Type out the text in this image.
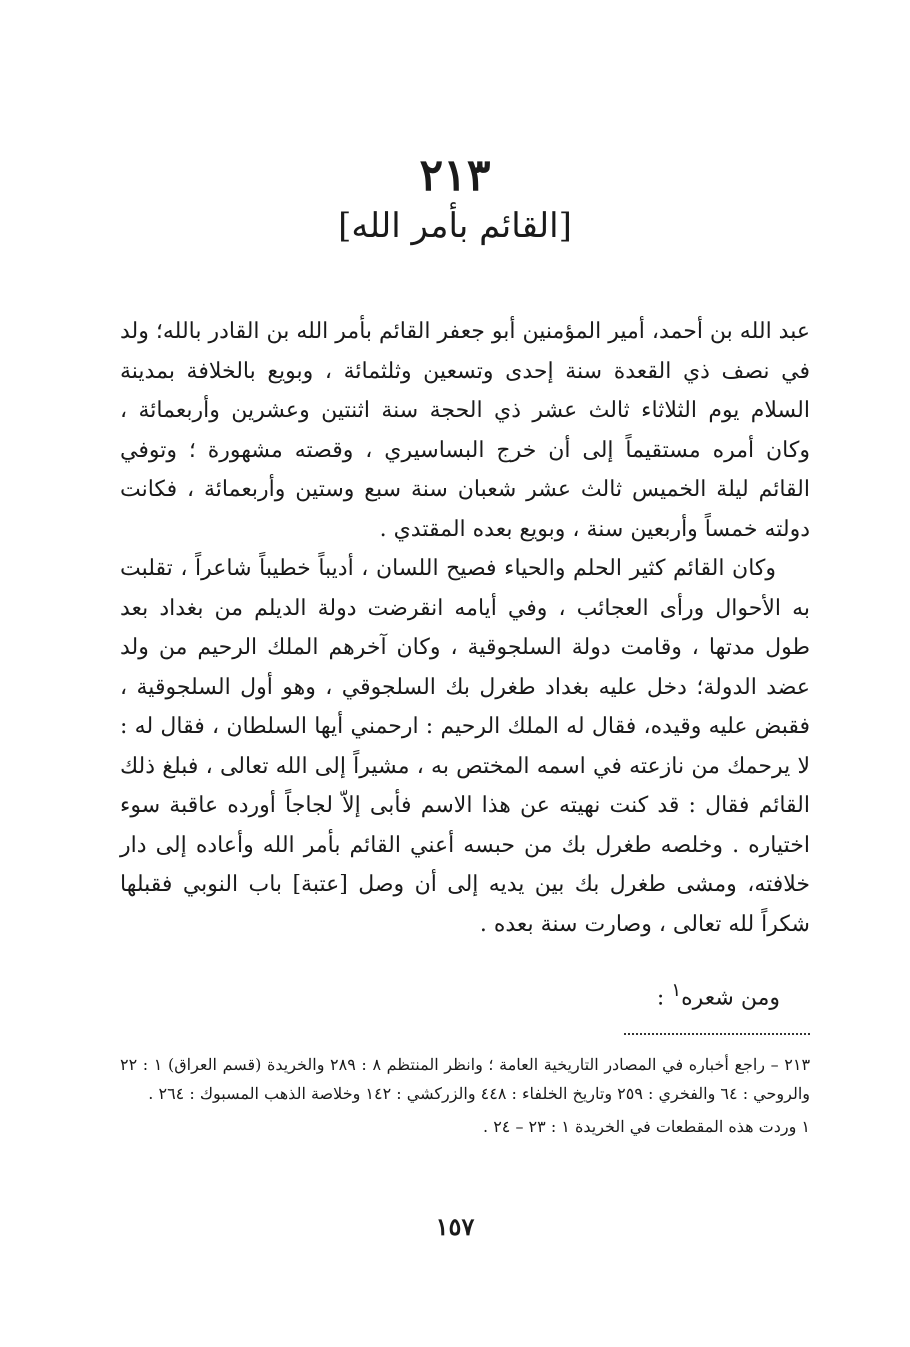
٢١٣
[القائم بأمر الله]

عبد الله بن أحمد، أمير المؤمنين أبو جعفر القائم بأمر الله بن القادر بالله؛ ولد في نصف ذي القعدة سنة إحدى وتسعين وثلثمائة ، وبويع بالخلافة بمدينة السلام يوم الثلاثاء ثالث عشر ذي الحجة سنة اثنتين وعشرين وأربعمائة ، وكان أمره مستقيماً إلى أن خرج البساسيري ، وقصته مشهورة ؛ وتوفي القائم ليلة الخميس ثالث عشر شعبان سنة سبع وستين وأربعمائة ، فكانت دولته خمساً وأربعين سنة ، وبويع بعده المقتدي .

وكان القائم كثير الحلم والحياء فصيح اللسان ، أديباً خطيباً شاعراً ، تقلبت به الأحوال ورأى العجائب ، وفي أيامه انقرضت دولة الديلم من بغداد بعد طول مدتها ، وقامت دولة السلجوقية ، وكان آخرهم الملك الرحيم من ولد عضد الدولة؛ دخل عليه بغداد طغرل بك السلجوقي ، وهو أول السلجوقية ، فقبض عليه وقيده، فقال له الملك الرحيم : ارحمني أيها السلطان ، فقال له : لا يرحمك من نازعته في اسمه المختص به ، مشيراً إلى الله تعالى ، فبلغ ذلك القائم فقال : قد كنت نهيته عن هذا الاسم فأبى إلاّ لجاجاً أورده عاقبة سوء اختياره . وخلصه طغرل بك من حبسه أعني القائم بأمر الله وأعاده إلى دار خلافته، ومشى طغرل بك بين يديه إلى أن وصل [عتبة] باب النوبي فقبلها شكراً لله تعالى ، وصارت سنة بعده .

ومن شعره$^١$ :

٢١٣ – راجع أخباره في المصادر التاريخية العامة ؛ وانظر المنتظم ٨ : ٢٨٩ والخريدة (قسم العراق) ١ : ٢٢ والروحي : ٦٤ والفخري : ٢٥٩ وتاريخ الخلفاء : ٤٤٨ والزركشي : ١٤٢ وخلاصة الذهب المسبوك : ٢٦٤ .

١ وردت هذه المقطعات في الخريدة ١ : ٢٣ – ٢٤ .

١٥٧
